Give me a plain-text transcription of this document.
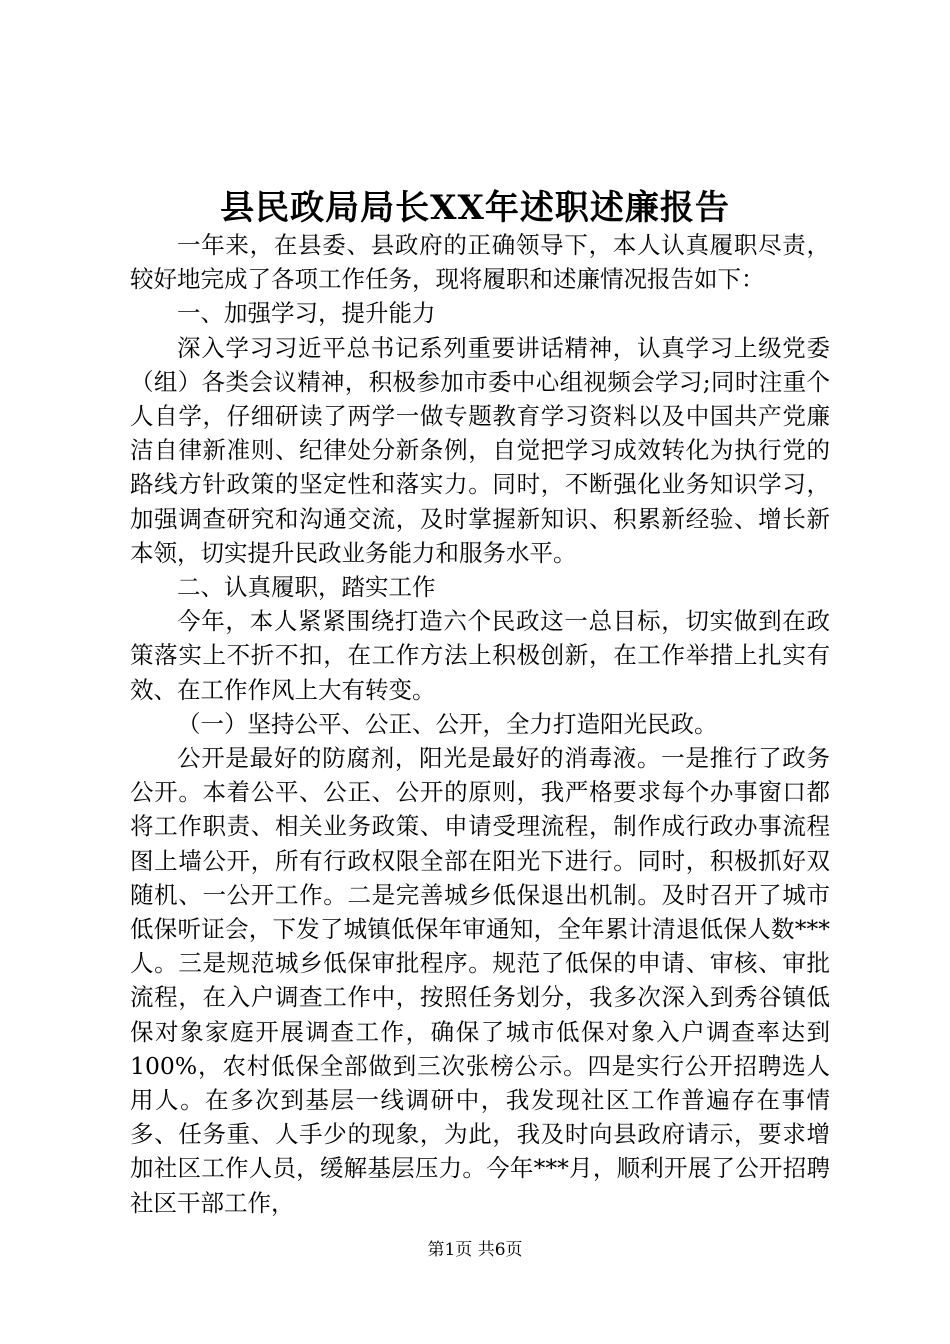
县民政局局长XX年述职述廉报告

一年来，在县委、县政府的正确领导下，本人认真履职尽责，较好地完成了各项工作任务，现将履职和述廉情况报告如下：

一、加强学习，提升能力

深入学习习近平总书记系列重要讲话精神，认真学习上级党委（组）各类会议精神，积极参加市委中心组视频会学习;同时注重个人自学，仔细研读了两学一做专题教育学习资料以及中国共产党廉洁自律新准则、纪律处分新条例，自觉把学习成效转化为执行党的路线方针政策的坚定性和落实力。同时，不断强化业务知识学习，加强调查研究和沟通交流，及时掌握新知识、积累新经验、增长新本领，切实提升民政业务能力和服务水平。

二、认真履职，踏实工作

今年，本人紧紧围绕打造六个民政这一总目标，切实做到在政策落实上不折不扣，在工作方法上积极创新，在工作举措上扎实有效、在工作作风上大有转变。

（一）坚持公平、公正、公开，全力打造阳光民政。

公开是最好的防腐剂，阳光是最好的消毒液。一是推行了政务公开。本着公平、公正、公开的原则，我严格要求每个办事窗口都将工作职责、相关业务政策、申请受理流程，制作成行政办事流程图上墙公开，所有行政权限全部在阳光下进行。同时，积极抓好双随机、一公开工作。二是完善城乡低保退出机制。及时召开了城市低保听证会，下发了城镇低保年审通知，全年累计清退低保人数***人。三是规范城乡低保审批程序。规范了低保的申请、审核、审批流程，在入户调查工作中，按照任务划分，我多次深入到秀谷镇低保对象家庭开展调查工作，确保了城市低保对象入户调查率达到100%，农村低保全部做到三次张榜公示。四是实行公开招聘选人用人。在多次到基层一线调研中，我发现社区工作普遍存在事情多、任务重、人手少的现象，为此，我及时向县政府请示，要求增加社区工作人员，缓解基层压力。今年***月，顺利开展了公开招聘社区干部工作，

第1页 共6页
